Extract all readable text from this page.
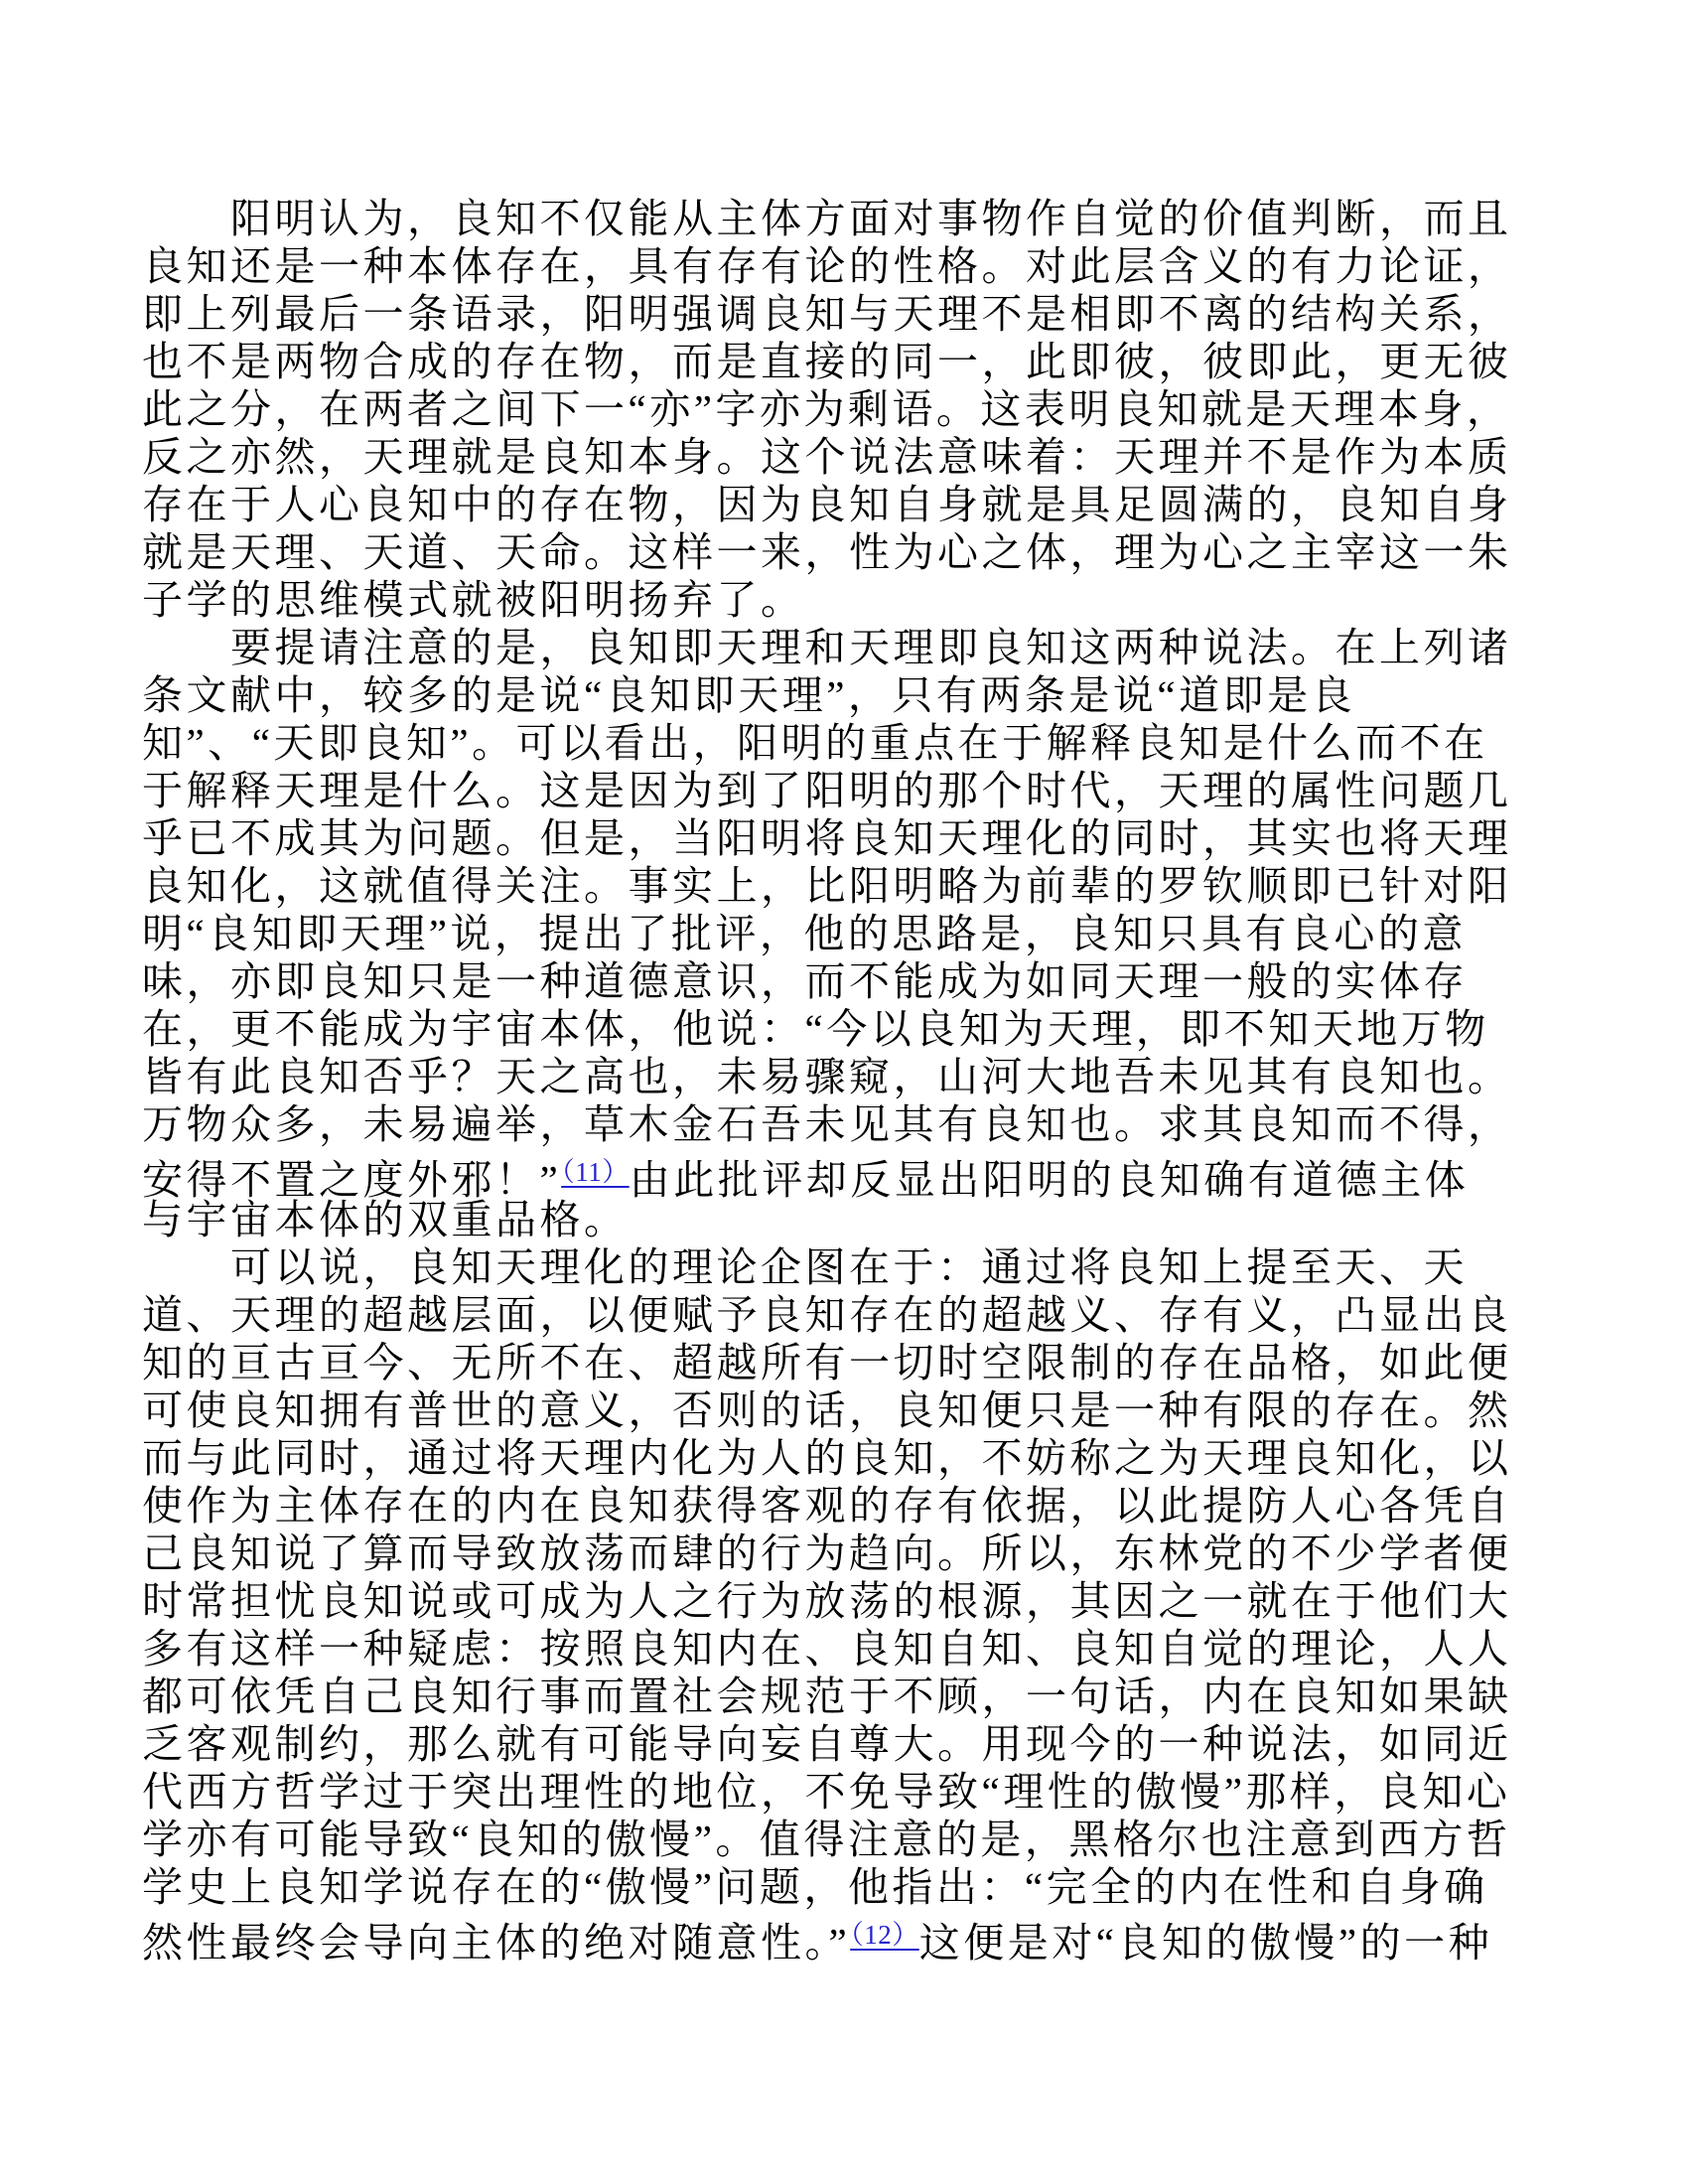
　　阳明认为，良知不仅能从主体方面对事物作自觉的价值判断，而且
良知还是一种本体存在，具有存有论的性格。对此层含义的有力论证，
即上列最后一条语录，阳明强调良知与天理不是相即不离的结构关系，
也不是两物合成的存在物，而是直接的同一，此即彼，彼即此，更无彼
此之分，在两者之间下一“亦”字亦为剩语。这表明良知就是天理本身，
反之亦然，天理就是良知本身。这个说法意味着：天理并不是作为本质
存在于人心良知中的存在物，因为良知自身就是具足圆满的，良知自身
就是天理、天道、天命。这样一来，性为心之体，理为心之主宰这一朱
子学的思维模式就被阳明扬弃了。
　　要提请注意的是，良知即天理和天理即良知这两种说法。在上列诸
条文献中，较多的是说“良知即天理”，只有两条是说“道即是良
知”、“天即良知”。可以看出，阳明的重点在于解释良知是什么而不在
于解释天理是什么。这是因为到了阳明的那个时代，天理的属性问题几
乎已不成其为问题。但是，当阳明将良知天理化的同时，其实也将天理
良知化，这就值得关注。事实上，比阳明略为前辈的罗钦顺即已针对阳
明“良知即天理”说，提出了批评，他的思路是，良知只具有良心的意
味，亦即良知只是一种道德意识，而不能成为如同天理一般的实体存
在，更不能成为宇宙本体，他说：“今以良知为天理，即不知天地万物
皆有此良知否乎？天之高也，未易骤窥，山河大地吾未见其有良知也。
万物众多，未易遍举，草木金石吾未见其有良知也。求其良知而不得，
安得不置之度外邪！”$^{(11)}$由此批评却反显出阳明的良知确有道德主体
与宇宙本体的双重品格。
　　可以说，良知天理化的理论企图在于：通过将良知上提至天、天
道、天理的超越层面，以便赋予良知存在的超越义、存有义，凸显出良
知的亘古亘今、无所不在、超越所有一切时空限制的存在品格，如此便
可使良知拥有普世的意义，否则的话，良知便只是一种有限的存在。然
而与此同时，通过将天理内化为人的良知，不妨称之为天理良知化，以
使作为主体存在的内在良知获得客观的存有依据，以此提防人心各凭自
己良知说了算而导致放荡而肆的行为趋向。所以，东林党的不少学者便
时常担忧良知说或可成为人之行为放荡的根源，其因之一就在于他们大
多有这样一种疑虑：按照良知内在、良知自知、良知自觉的理论，人人
都可依凭自己良知行事而置社会规范于不顾，一句话，内在良知如果缺
乏客观制约，那么就有可能导向妄自尊大。用现今的一种说法，如同近
代西方哲学过于突出理性的地位，不免导致“理性的傲慢”那样，良知心
学亦有可能导致“良知的傲慢”。值得注意的是，黑格尔也注意到西方哲
学史上良知学说存在的“傲慢”问题，他指出：“完全的内在性和自身确
然性最终会导向主体的绝对随意性。”$^{(12)}$这便是对“良知的傲慢”的一种
